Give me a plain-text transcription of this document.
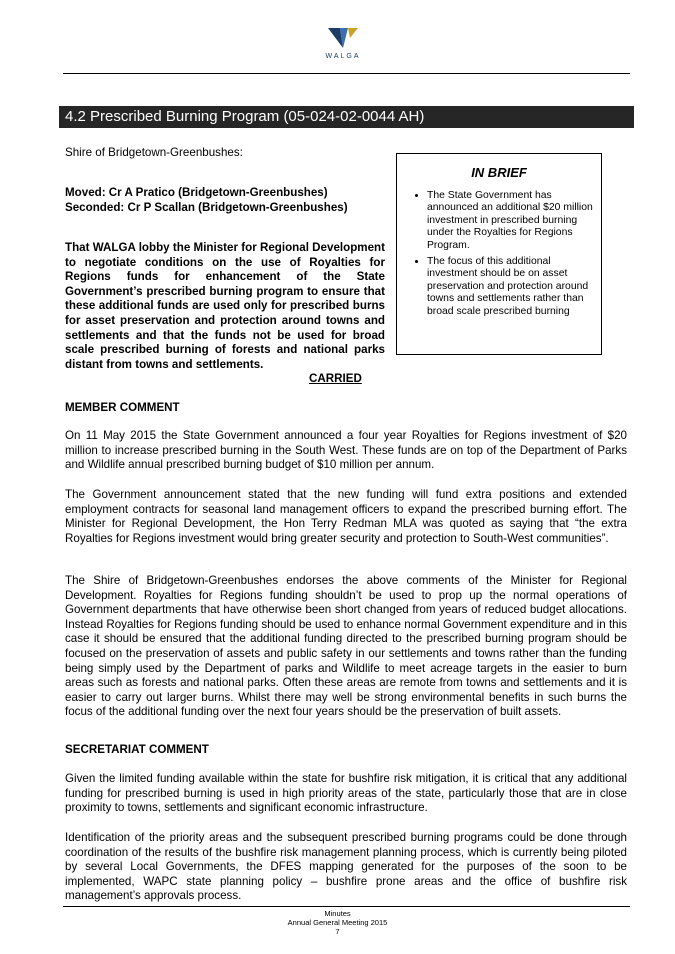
WALGA
4.2 Prescribed Burning Program (05-024-02-0044 AH)

Shire of Bridgetown-Greenbushes:

Moved: Cr A Pratico (Bridgetown-Greenbushes)
Seconded: Cr P Scallan (Bridgetown-Greenbushes)

That WALGA lobby the Minister for Regional Development to negotiate conditions on the use of Royalties for Regions funds for enhancement of the State Government’s prescribed burning program to ensure that these additional funds are used only for prescribed burns for asset preservation and protection around towns and settlements and that the funds not be used for broad scale prescribed burning of forests and national parks distant from towns and settlements.

CARRIED
IN BRIEF
• The State Government has announced an additional $20 million investment in prescribed burning under the Royalties for Regions Program.
• The focus of this additional investment should be on asset preservation and protection around towns and settlements rather than broad scale prescribed burning
MEMBER COMMENT

On 11 May 2015 the State Government announced a four year Royalties for Regions investment of $20 million to increase prescribed burning in the South West. These funds are on top of the Department of Parks and Wildlife annual prescribed burning budget of $10 million per annum.

The Government announcement stated that the new funding will fund extra positions and extended employment contracts for seasonal land management officers to expand the prescribed burning effort. The Minister for Regional Development, the Hon Terry Redman MLA was quoted as saying that “the extra Royalties for Regions investment would bring greater security and protection to South-West communities”.

The Shire of Bridgetown-Greenbushes endorses the above comments of the Minister for Regional Development. Royalties for Regions funding shouldn’t be used to prop up the normal operations of Government departments that have otherwise been short changed from years of reduced budget allocations. Instead Royalties for Regions funding should be used to enhance normal Government expenditure and in this case it should be ensured that the additional funding directed to the prescribed burning program should be focused on the preservation of assets and public safety in our settlements and towns rather than the funding being simply used by the Department of parks and Wildlife to meet acreage targets in the easier to burn areas such as forests and national parks. Often these areas are remote from towns and settlements and it is easier to carry out larger burns. Whilst there may well be strong environmental benefits in such burns the focus of the additional funding over the next four years should be the preservation of built assets.

SECRETARIAT COMMENT

Given the limited funding available within the state for bushfire risk mitigation, it is critical that any additional funding for prescribed burning is used in high priority areas of the state, particularly those that are in close proximity to towns, settlements and significant economic infrastructure.

Identification of the priority areas and the subsequent prescribed burning programs could be done through coordination of the results of the bushfire risk management planning process, which is currently being piloted by several Local Governments, the DFES mapping generated for the purposes of the soon to be implemented, WAPC state planning policy – bushfire prone areas and the office of bushfire risk management’s approvals process.

Minutes
Annual General Meeting 2015
7
